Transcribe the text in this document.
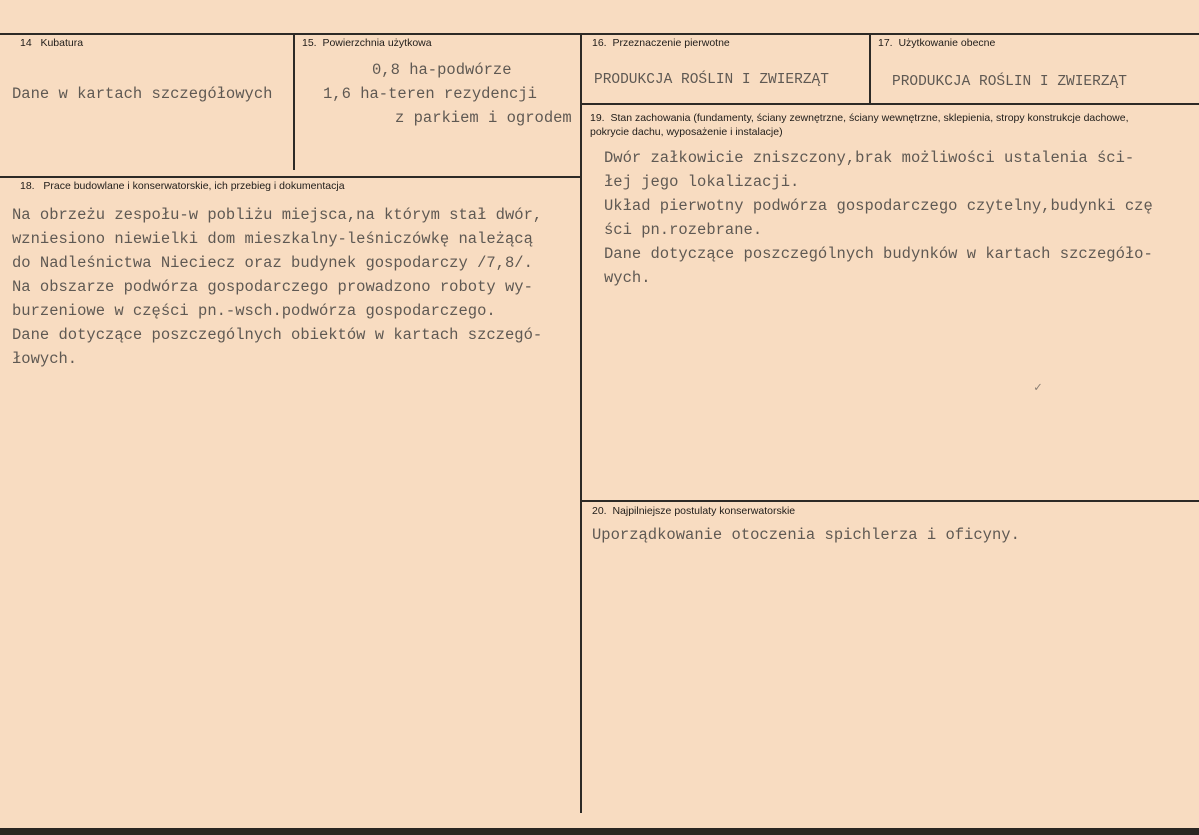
14 Kubatura
Dane w kartach szczegółowych
15. Powierzchnia użytkowa
0,8 ha-podwórze
1,6 ha-teren rezydencji
z parkiem i ogrodem
16. Przeznaczenie pierwotne
PRODUKCJA ROŚLIN I ZWIERZĄT
17. Użytkowanie obecne
PRODUKCJA ROŚLIN I ZWIERZĄT
18. Prace budowlane i konserwatorskie, ich przebieg i dokumentacja
Na obrzeżu zespołu-w pobliżu miejsca,na którym stał dwór,
wzniesiono niewielki dom mieszkalny-leśniczówkę należącą
do Nadleśnictwa Nieciecz oraz budynek gospodarczy /7,8/.
Na obszarze podwórza gospodarczego prowadzono roboty wy-
burzeniowe w części pn.-wsch.podwórza gospodarczego.
Dane dotyczące poszczególnych obiektów w kartach szczegó-
łowych.
19. Stan zachowania (fundamenty, ściany zewnętrzne, ściany wewnętrzne, sklepienia, stropy konstrukcje dachowe, pokrycie dachu, wyposażenie i instalacje)
Dwór załkowicie zniszczony,brak możliwości ustalenia ści-
łej jego lokalizacji.
Układ pierwotny podwórza gospodarczego czytelny,budynki czę
ści pn.rozebrane.
Dane dotyczące poszczególnych budynków w kartach szczegóło-
wych.
✓
20. Najpilniejsze postulaty konserwatorskie
Uporządkowanie otoczenia spichlerza i oficyny.
